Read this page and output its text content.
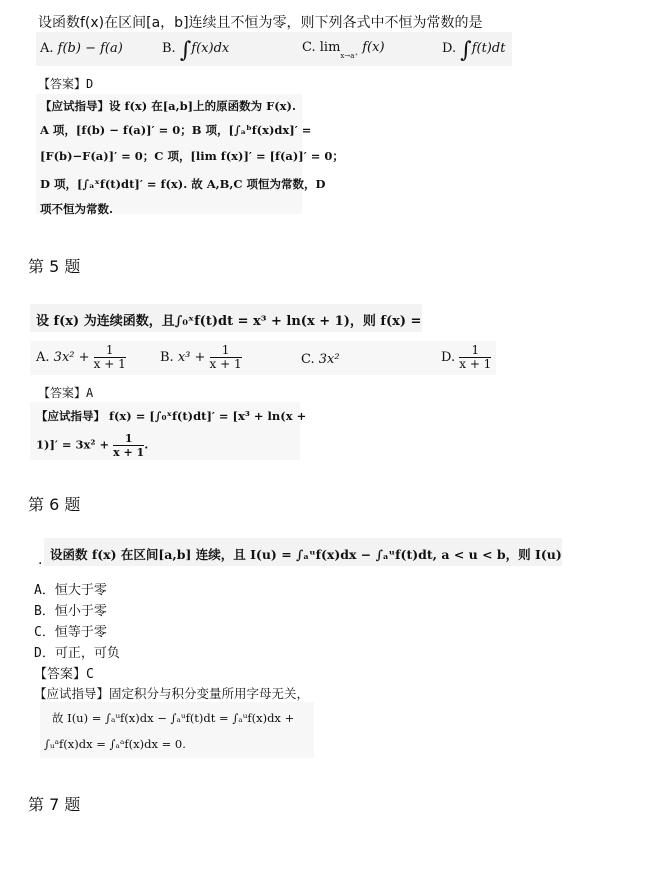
设函数f(x)在区间[a，b]连续且不恒为零，则下列各式中不恒为常数的是
A. f(b) − f(a)	B. ∫f(x)dx	C. $\lim_{x\to a^+} f(x)$	D. ∫f(t)dt
【答案】D
【应试指导】设 f(x) 在[a,b]上的原函数为 F(x).
A 项，[f(b) − f(a)]′ = 0；B 项，[∫ₐᵇf(x)dx]′ =
[F(b)−F(a)]′ = 0；C 项，[lim f(x)]′ = [f(a)]′ = 0；
D 项，[∫ₐˣf(t)dt]′ = f(x). 故 A,B,C 项恒为常数，D
项不恒为常数.
第 5 题
设 f(x) 为连续函数，且∫₀ˣf(t)dt = x³ + ln(x + 1)，则 f(x) =
A. $3x^2 + \frac{1}{x + 1}$	B. $x^3 + \frac{1}{x + 1}$	C. 3x²	D. $\frac{1}{x + 1}$
【答案】A
【应试指导】 f(x) = [∫₀ˣf(t)dt]′ = [x³ + ln(x +
$1)]' = 3x^2 + \frac{1}{x + 1}$ .
第 6 题
. 设函数 f(x) 在区间[a,b] 连续，且 I(u) = ∫ₐᵘf(x)dx − ∫ₐᵘf(t)dt, a < u < b，则 I(u)
A．恒大于零
B．恒小于零
C．恒等于零
D．可正，可负
【答案】C
【应试指导】固定积分与积分变量所用字母无关，
故 I(u) = ∫ₐᵘf(x)dx − ∫ₐᵘf(t)dt = ∫ₐᵘf(x)dx +
∫ᵤᵃf(x)dx = ∫ₐᵃf(x)dx = 0.
第 7 题
